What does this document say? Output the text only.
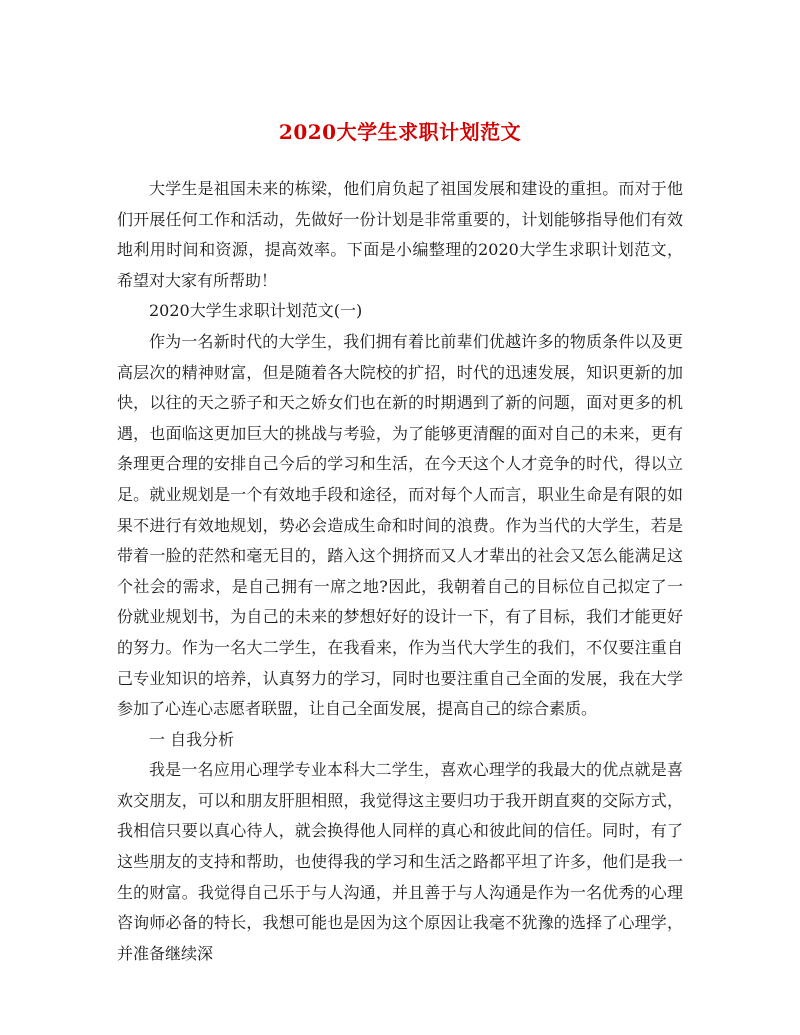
2020大学生求职计划范文

大学生是祖国未来的栋梁，他们肩负起了祖国发展和建设的重担。而对于他们开展任何工作和活动，先做好一份计划是非常重要的，计划能够指导他们有效地利用时间和资源，提高效率。下面是小编整理的2020大学生求职计划范文，希望对大家有所帮助！

2020大学生求职计划范文(一)

作为一名新时代的大学生，我们拥有着比前辈们优越许多的物质条件以及更高层次的精神财富，但是随着各大院校的扩招，时代的迅速发展，知识更新的加快，以往的天之骄子和天之娇女们也在新的时期遇到了新的问题，面对更多的机遇，也面临这更加巨大的挑战与考验，为了能够更清醒的面对自己的未来，更有条理更合理的安排自己今后的学习和生活，在今天这个人才竞争的时代，得以立足。就业规划是一个有效地手段和途径，而对每个人而言，职业生命是有限的如果不进行有效地规划，势必会造成生命和时间的浪费。作为当代的大学生，若是带着一脸的茫然和毫无目的，踏入这个拥挤而又人才辈出的社会又怎么能满足这个社会的需求，是自己拥有一席之地?因此，我朝着自己的目标位自己拟定了一份就业规划书，为自己的未来的梦想好好的设计一下，有了目标，我们才能更好的努力。作为一名大二学生，在我看来，作为当代大学生的我们，不仅要注重自己专业知识的培养，认真努力的学习，同时也要注重自己全面的发展，我在大学参加了心连心志愿者联盟，让自己全面发展，提高自己的综合素质。

一 自我分析

我是一名应用心理学专业本科大二学生，喜欢心理学的我最大的优点就是喜欢交朋友，可以和朋友肝胆相照，我觉得这主要归功于我开朗直爽的交际方式，我相信只要以真心待人，就会换得他人同样的真心和彼此间的信任。同时，有了这些朋友的支持和帮助，也使得我的学习和生活之路都平坦了许多，他们是我一生的财富。我觉得自己乐于与人沟通，并且善于与人沟通是作为一名优秀的心理咨询师必备的特长，我想可能也是因为这个原因让我毫不犹豫的选择了心理学，并准备继续深
